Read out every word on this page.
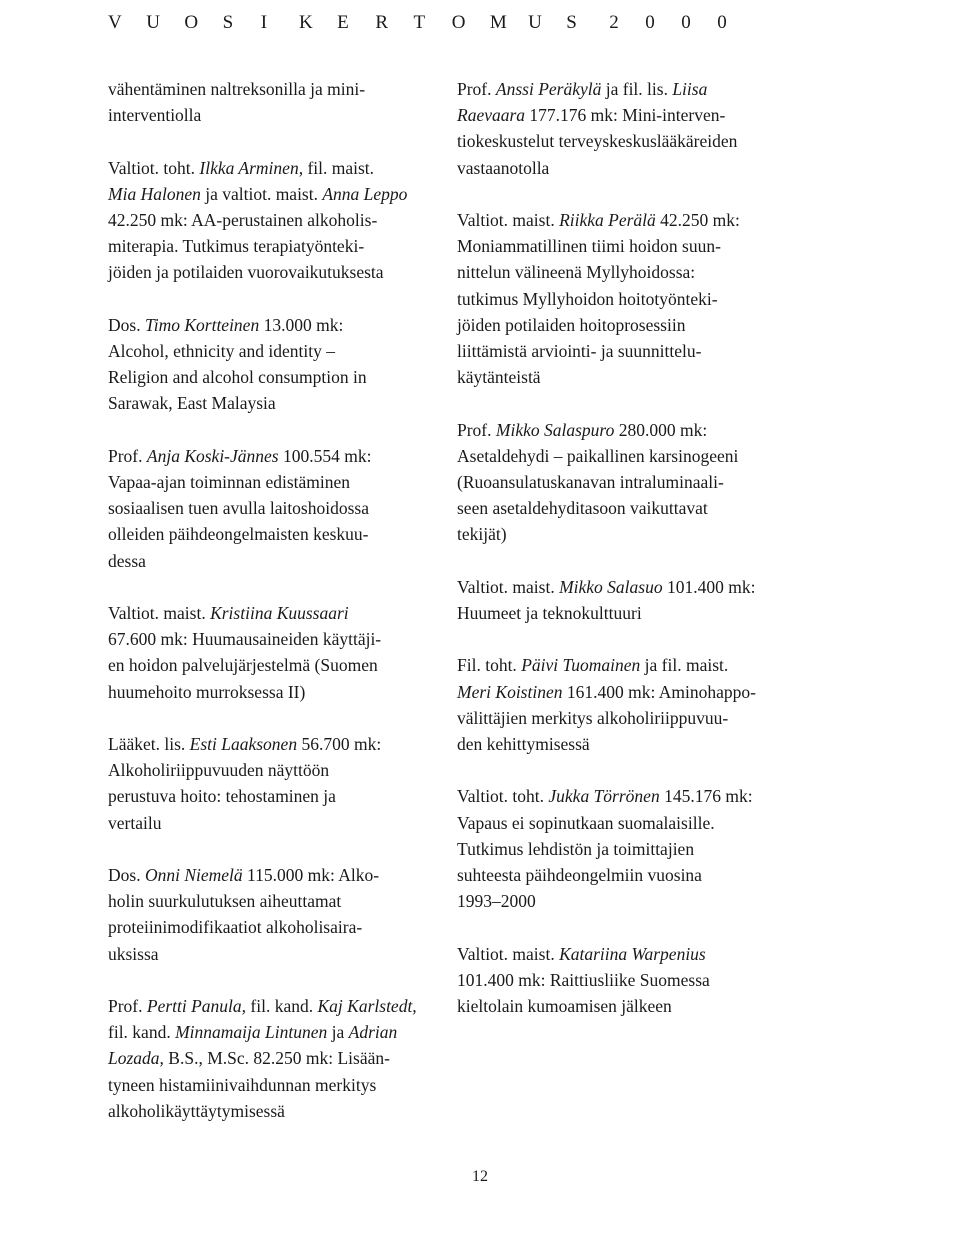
V U O S I K E R T O M U S 2 0 0 0

vähentäminen naltreksonilla ja mini-
interventiolla

Valtiot. toht. Ilkka Arminen, fil. maist.
Mia Halonen ja valtiot. maist. Anna Leppo
42.250 mk: AA-perustainen alkoholis-
miterapia. Tutkimus terapiatyönteki-
jöiden ja potilaiden vuorovaikutuksesta

Dos. Timo Kortteinen 13.000 mk:
Alcohol, ethnicity and identity –
Religion and alcohol consumption in
Sarawak, East Malaysia

Prof. Anja Koski-Jännes 100.554 mk:
Vapaa-ajan toiminnan edistäminen
sosiaalisen tuen avulla laitoshoidossa
olleiden päihdeongelmaisten keskuu-
dessa

Valtiot. maist. Kristiina Kuussaari
67.600 mk: Huumausaineiden käyttäji-
en hoidon palvelujärjestelmä (Suomen
huumehoito murroksessa II)

Lääket. lis. Esti Laaksonen 56.700 mk:
Alkoholiriippuvuuden näyttöön
perustuva hoito: tehostaminen ja
vertailu

Dos. Onni Niemelä 115.000 mk: Alko-
holin suurkulutuksen aiheuttamat
proteiinimodifikaatiot alkoholisaira-
uksissa

Prof. Pertti Panula, fil. kand. Kaj Karlstedt,
fil. kand. Minnamaija Lintunen ja Adrian
Lozada, B.S., M.Sc. 82.250 mk: Lisään-
tyneen histamiinivaihdunnan merkitys
alkoholikäyttäytymisessä

Prof. Anssi Peräkylä ja fil. lis. Liisa
Raevaara 177.176 mk: Mini-interven-
tiokeskustelut terveyskeskuslääkäreiden
vastaanotolla

Valtiot. maist. Riikka Perälä 42.250 mk:
Moniammatillinen tiimi hoidon suun-
nittelun välineenä Myllyhoidossa:
tutkimus Myllyhoidon hoitotyönteki-
jöiden potilaiden hoitoprosessiin
liittämistä arviointi- ja suunnittelu-
käytänteistä

Prof. Mikko Salaspuro 280.000 mk:
Asetaldehydi – paikallinen karsinogeeni
(Ruoansulatuskanavan intraluminaali-
seen asetaldehyditasoon vaikuttavat
tekijät)

Valtiot. maist. Mikko Salasuo 101.400 mk:
Huumeet ja teknokulttuuri

Fil. toht. Päivi Tuomainen ja fil. maist.
Meri Koistinen 161.400 mk: Aminohappo-
välittäjien merkitys alkoholiriippuvuu-
den kehittymisessä

Valtiot. toht. Jukka Törrönen 145.176 mk:
Vapaus ei sopinutkaan suomalaisille.
Tutkimus lehdistön ja toimittajien
suhteesta päihdeongelmiin vuosina
1993–2000

Valtiot. maist. Katariina Warpenius
101.400 mk: Raittiusliike Suomessa
kieltolain kumoamisen jälkeen

12
